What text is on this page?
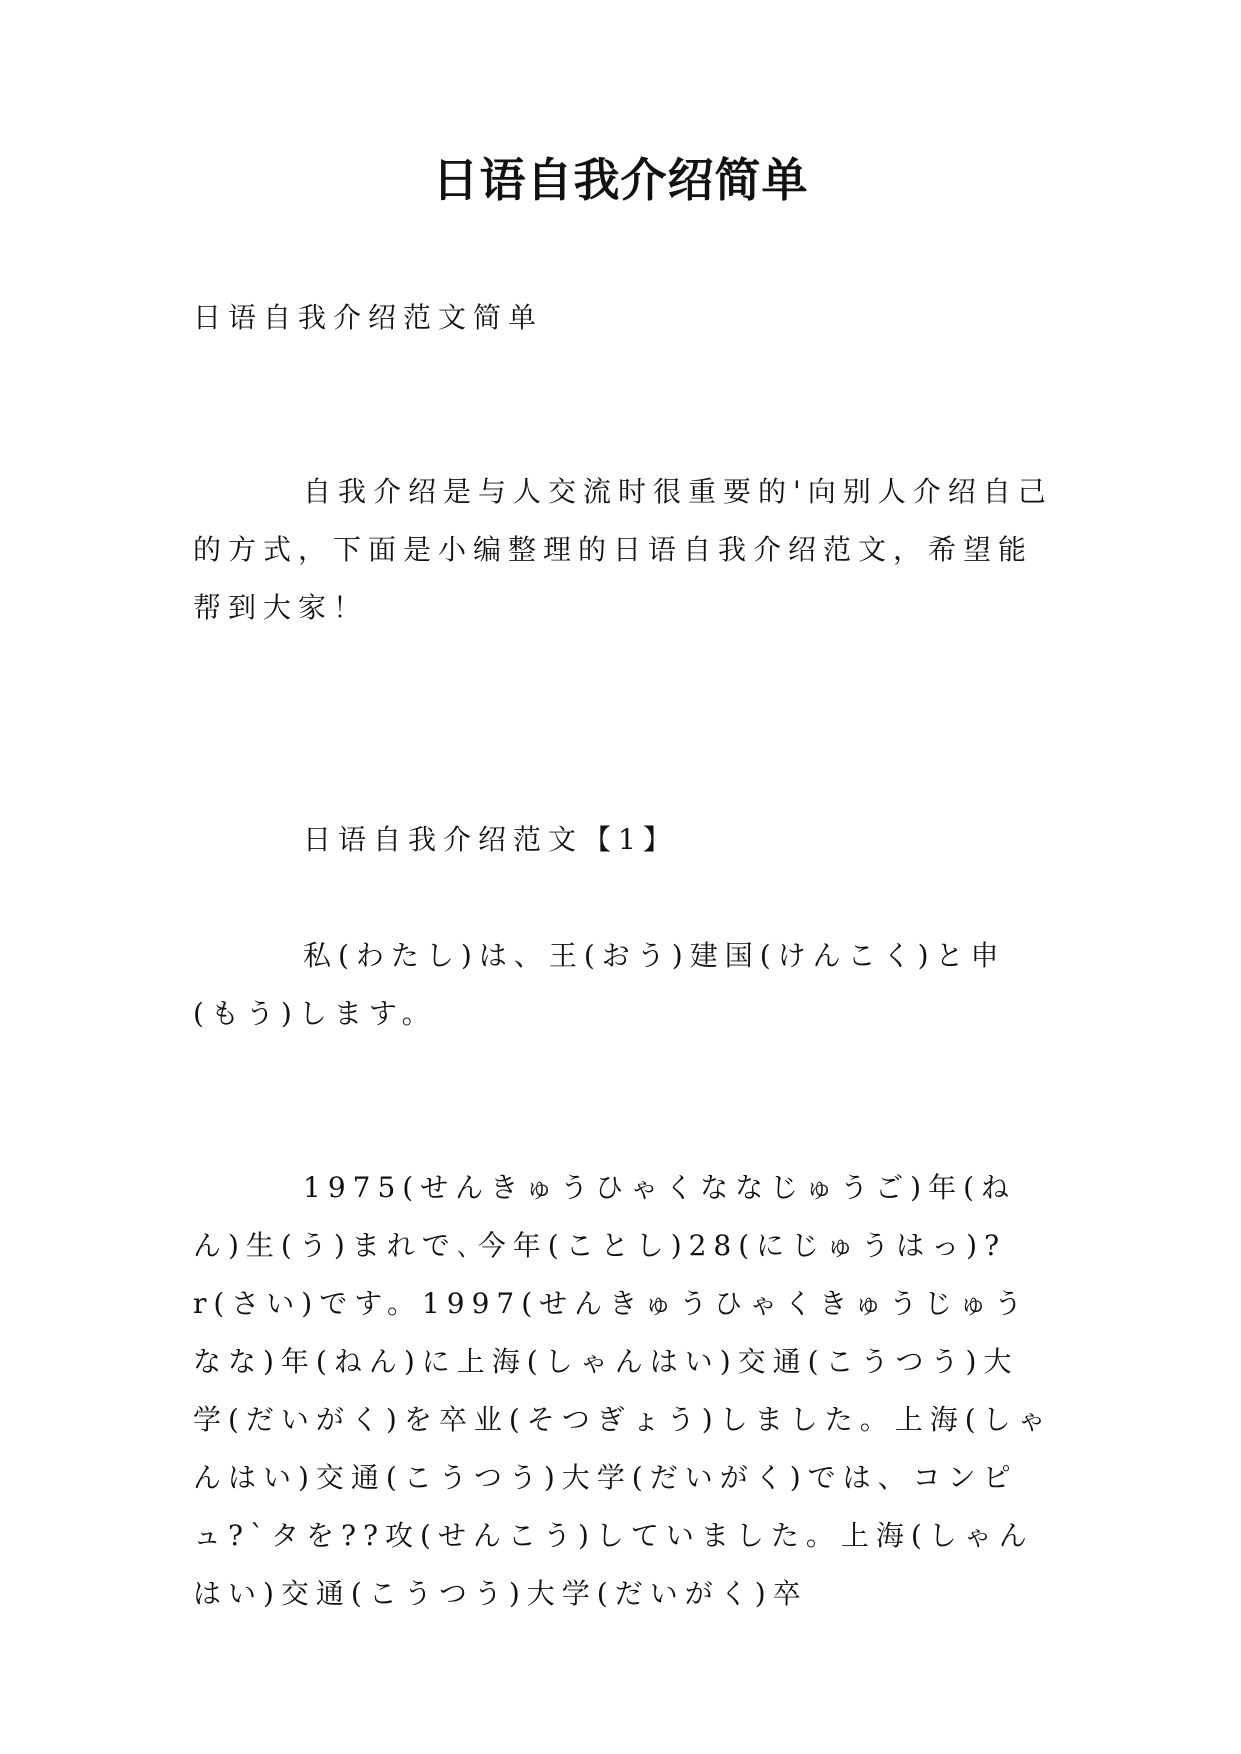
日语自我介绍简单

日语自我介绍范文简单

自我介绍是与人交流时很重要的'向别人介绍自己的方式，下面是小编整理的日语自我介绍范文，希望能帮到大家！

日语自我介绍范文【1】

私(わたし)は、王(おう)建国(けんこく)と申(もう)します。

1975(せんきゅうひゃくななじゅうご)年(ねん)生(う)まれで､今年(ことし)28(にじゅうはっ)?r(さい)です。1997(せんきゅうひゃくきゅうじゅうなな)年(ねん)に上海(しゃんはい)交通(こうつう)大学(だいがく)を卒业(そつぎょう)しました。上海(しゃんはい)交通(こうつう)大学(だいがく)では、コンピュ?`タを??攻(せんこう)していました。上海(しゃんはい)交通(こうつう)大学(だいがく)卒
